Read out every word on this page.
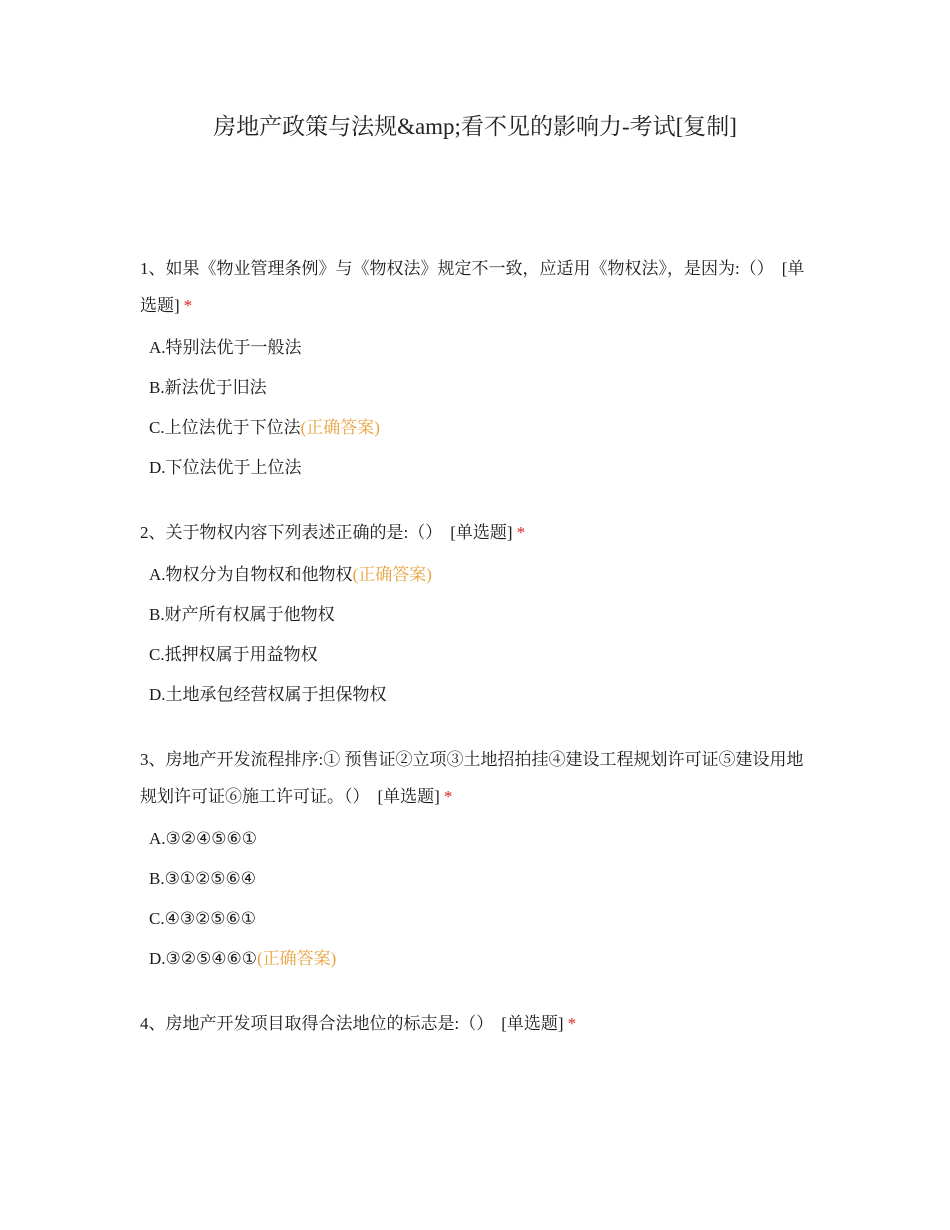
房地产政策与法规&amp;看不见的影响力-考试[复制]
1、如果《物业管理条例》与《物权法》规定不一致，应适用《物权法》，是因为:（） [单选题] *
A.特别法优于一般法
B.新法优于旧法
C.上位法优于下位法(正确答案)
D.下位法优于上位法
2、关于物权内容下列表述正确的是:（） [单选题] *
A.物权分为自物权和他物权(正确答案)
B.财产所有权属于他物权
C.抵押权属于用益物权
D.土地承包经营权属于担保物权
3、房地产开发流程排序:① 预售证②立项③土地招拍挂④建设工程规划许可证⑤建设用地规划许可证⑥施工许可证。（） [单选题] *
A.③②④⑤⑥①
B.③①②⑤⑥④
C.④③②⑤⑥①
D.③②⑤④⑥①(正确答案)
4、房地产开发项目取得合法地位的标志是:（） [单选题] *
